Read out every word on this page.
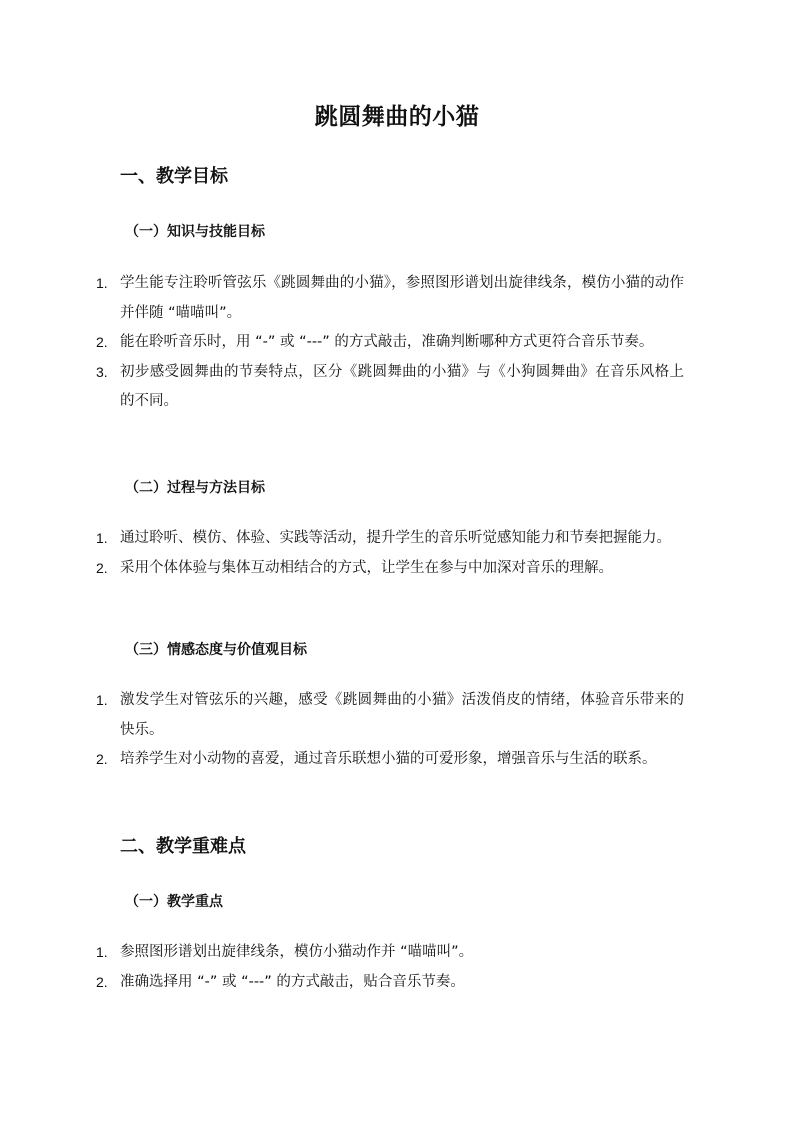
跳圆舞曲的小猫
一、教学目标
（一）知识与技能目标
1. 学生能专注聆听管弦乐《跳圆舞曲的小猫》，参照图形谱划出旋律线条，模仿小猫的动作并伴随 “喵喵叫”。
2. 能在聆听音乐时，用 “-” 或 “---” 的方式敲击，准确判断哪种方式更符合音乐节奏。
3. 初步感受圆舞曲的节奏特点，区分《跳圆舞曲的小猫》与《小狗圆舞曲》在音乐风格上的不同。
（二）过程与方法目标
1. 通过聆听、模仿、体验、实践等活动，提升学生的音乐听觉感知能力和节奏把握能力。
2. 采用个体体验与集体互动相结合的方式，让学生在参与中加深对音乐的理解。
（三）情感态度与价值观目标
1. 激发学生对管弦乐的兴趣，感受《跳圆舞曲的小猫》活泼俏皮的情绪，体验音乐带来的快乐。
2. 培养学生对小动物的喜爱，通过音乐联想小猫的可爱形象，增强音乐与生活的联系。
二、教学重难点
（一）教学重点
1. 参照图形谱划出旋律线条，模仿小猫动作并 “喵喵叫”。
2. 准确选择用 “-” 或 “---” 的方式敲击，贴合音乐节奏。
